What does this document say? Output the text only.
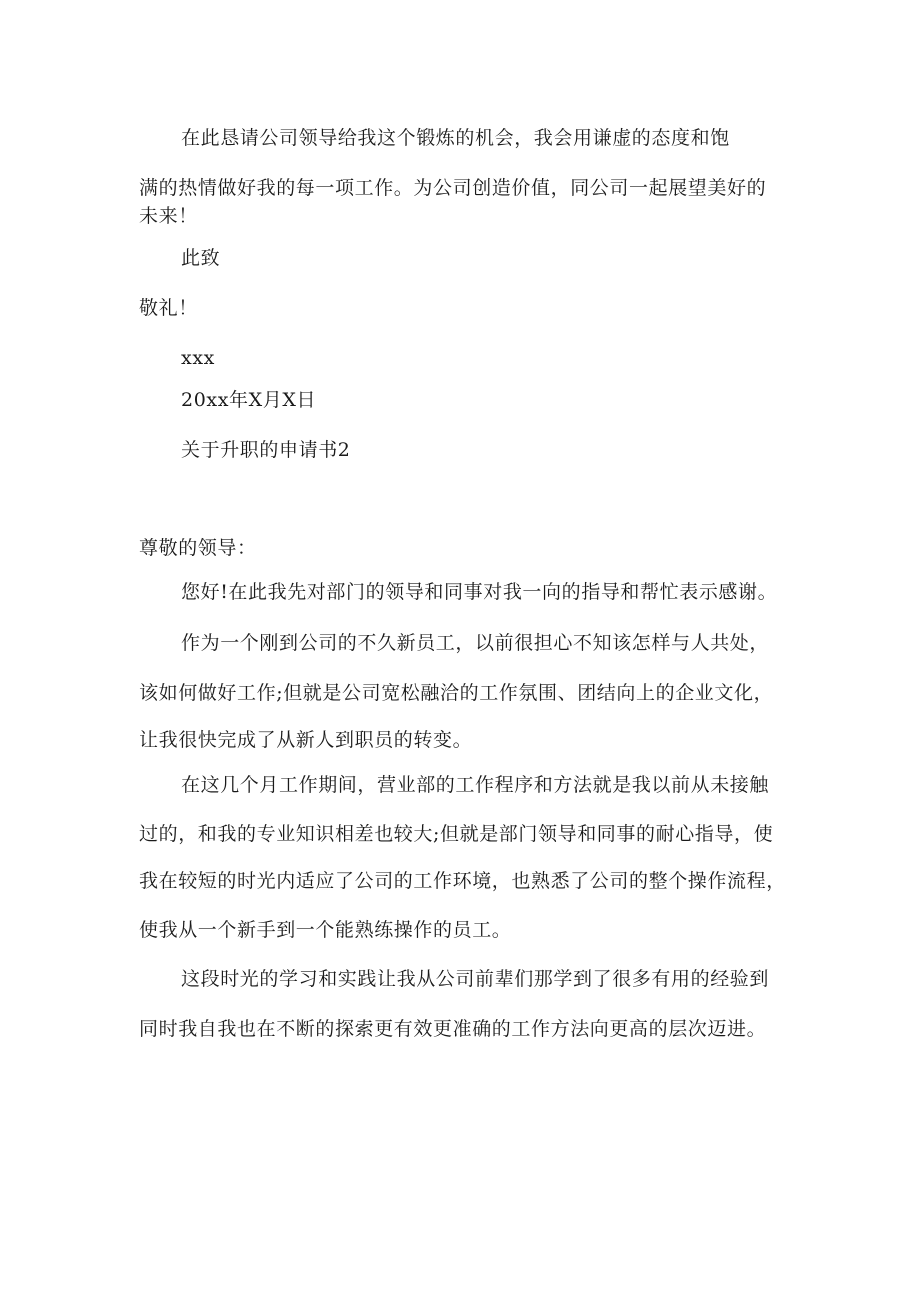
在此恳请公司领导给我这个锻炼的机会，我会用谦虚的态度和饱
满的热情做好我的每一项工作。为公司创造价值，同公司一起展望美好的
未来！
此致
敬礼！
xxx
20xx年X月X日
关于升职的申请书2
尊敬的领导：
您好!在此我先对部门的领导和同事对我一向的指导和帮忙表示感谢。
作为一个刚到公司的不久新员工，以前很担心不知该怎样与人共处，
该如何做好工作;但就是公司宽松融洽的工作氛围、团结向上的企业文化，
让我很快完成了从新人到职员的转变。
在这几个月工作期间，营业部的工作程序和方法就是我以前从未接触
过的，和我的专业知识相差也较大;但就是部门领导和同事的耐心指导，使
我在较短的时光内适应了公司的工作环境，也熟悉了公司的整个操作流程，
使我从一个新手到一个能熟练操作的员工。
这段时光的学习和实践让我从公司前辈们那学到了很多有用的经验到
同时我自我也在不断的探索更有效更准确的工作方法向更高的层次迈进。
